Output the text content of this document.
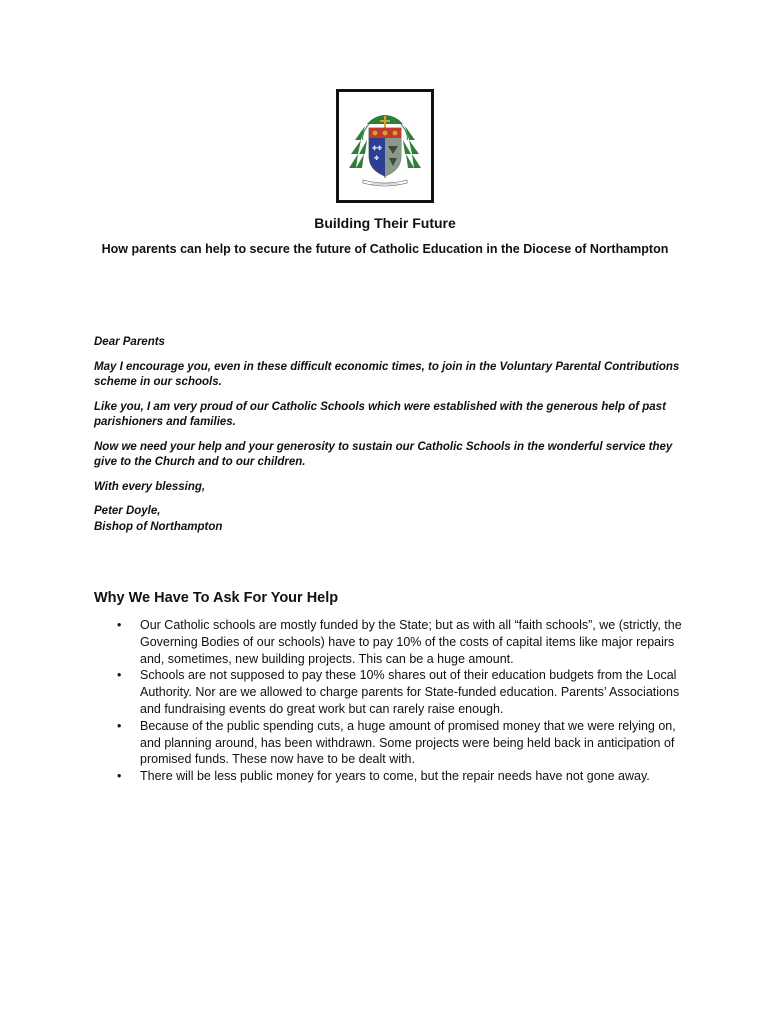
✤✤
✤
Building Their Future
How parents can help to secure the future of Catholic Education in the Diocese of Northampton

Dear Parents

May I encourage you, even in these difficult economic times, to join in the Voluntary Parental Contributions scheme in our schools.

Like you, I am very proud of our Catholic Schools which were established with the generous help of past parishioners and families.

Now we need your help and your generosity to sustain our Catholic Schools in the wonderful service they give to the Church and to our children.

With every blessing,

Peter Doyle,
Bishop of Northampton

Why We Have To Ask For Your Help
• Our Catholic schools are mostly funded by the State; but as with all “faith schools”, we (strictly, the Governing Bodies of our schools) have to pay 10% of the costs of capital items like major repairs and, sometimes, new building projects. This can be a huge amount.
• Schools are not supposed to pay these 10% shares out of their education budgets from the Local Authority. Nor are we allowed to charge parents for State-funded education. Parents’ Associations and fundraising events do great work but can rarely raise enough.
• Because of the public spending cuts, a huge amount of promised money that we were relying on, and planning around, has been withdrawn. Some projects were being held back in anticipation of promised funds. These now have to be dealt with.
• There will be less public money for years to come, but the repair needs have not gone away.
